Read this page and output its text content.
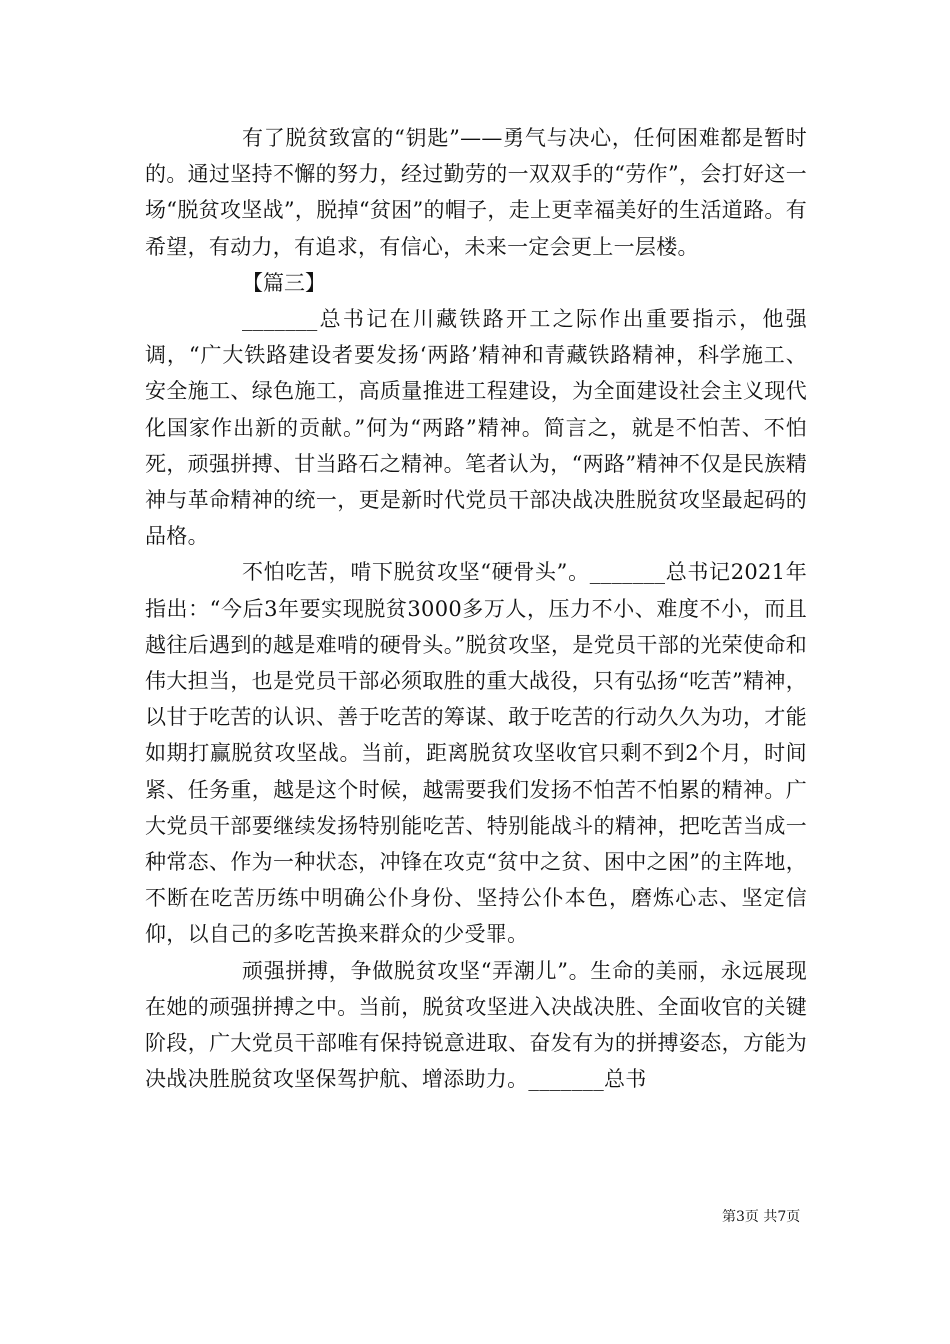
有了脱贫致富的“钥匙”——勇气与决心，任何困难都是暂时的。通过坚持不懈的努力，经过勤劳的一双双手的“劳作”，会打好这一场“脱贫攻坚战”，脱掉“贫困”的帽子，走上更幸福美好的生活道路。有希望，有动力，有追求，有信心，未来一定会更上一层楼。

【篇三】

_______总书记在川藏铁路开工之际作出重要指示，他强调，“广大铁路建设者要发扬‘两路’精神和青藏铁路精神，科学施工、安全施工、绿色施工，高质量推进工程建设，为全面建设社会主义现代化国家作出新的贡献。”何为“两路”精神。简言之，就是不怕苦、不怕死，顽强拼搏、甘当路石之精神。笔者认为，“两路”精神不仅是民族精神与革命精神的统一，更是新时代党员干部决战决胜脱贫攻坚最起码的品格。

不怕吃苦，啃下脱贫攻坚“硬骨头”。_______总书记2021年指出：“今后3年要实现脱贫3000多万人，压力不小、难度不小，而且越往后遇到的越是难啃的硬骨头。”脱贫攻坚，是党员干部的光荣使命和伟大担当，也是党员干部必须取胜的重大战役，只有弘扬“吃苦”精神，以甘于吃苦的认识、善于吃苦的筹谋、敢于吃苦的行动久久为功，才能如期打赢脱贫攻坚战。当前，距离脱贫攻坚收官只剩不到2个月，时间紧、任务重，越是这个时候，越需要我们发扬不怕苦不怕累的精神。广大党员干部要继续发扬特别能吃苦、特别能战斗的精神，把吃苦当成一种常态、作为一种状态，冲锋在攻克“贫中之贫、困中之困”的主阵地，不断在吃苦历练中明确公仆身份、坚持公仆本色，磨炼心志、坚定信仰，以自己的多吃苦换来群众的少受罪。

顽强拼搏，争做脱贫攻坚“弄潮儿”。生命的美丽，永远展现在她的顽强拼搏之中。当前，脱贫攻坚进入决战决胜、全面收官的关键阶段，广大党员干部唯有保持锐意进取、奋发有为的拼搏姿态，方能为决战决胜脱贫攻坚保驾护航、增添助力。_______总书

第3页 共7页
